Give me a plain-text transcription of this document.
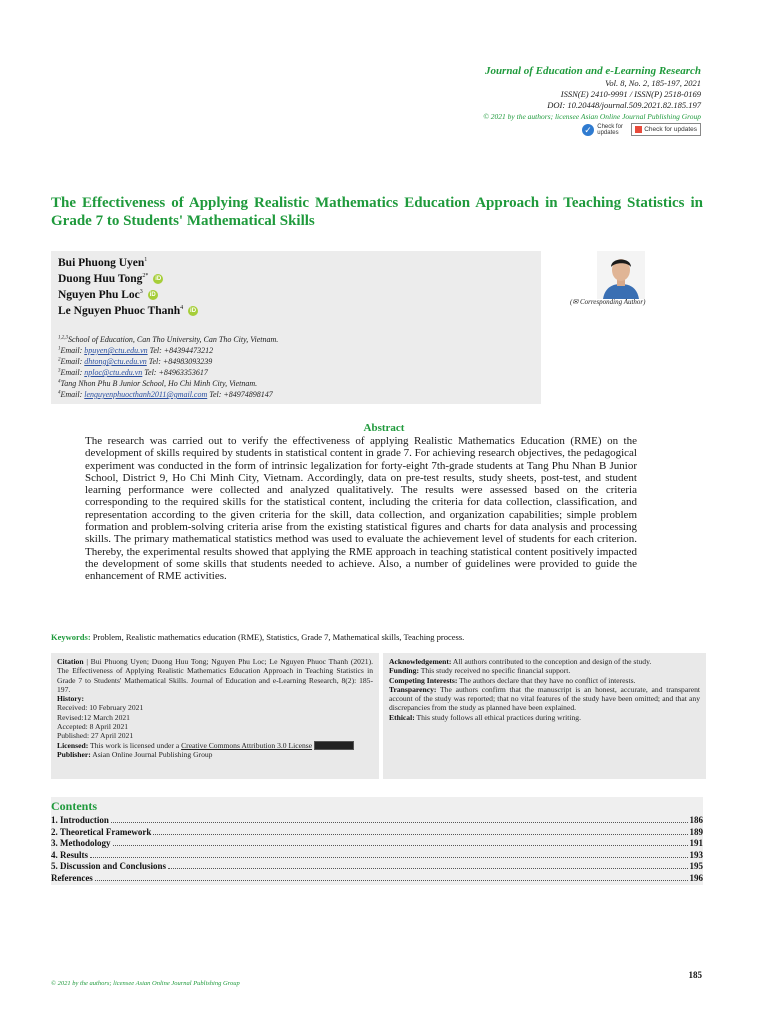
Journal of Education and e-Learning Research
Vol. 8, No. 2, 185-197, 2021
ISSN(E) 2410-9991 / ISSN(P) 2518-0169
DOI: 10.20448/journal.509.2021.82.185.197
© 2021 by the authors; licensee Asian Online Journal Publishing Group
✓
Check for updates	Check for updates
The Effectiveness of Applying Realistic Mathematics Education Approach in Teaching Statistics in Grade 7 to Students' Mathematical Skills
Bui Phuong Uyen$^1$
Duong Huu Tong$^{2*}$ iD
Nguyen Phu Loc$^3$ iD
Le Nguyen Phuoc Thanh$^4$ iD
$^{1,2,3}$School of Education, Can Tho University, Can Tho City, Vietnam.
$^1$Email: bpuyen@ctu.edu.vn Tel: +84394473212
$^2$Email: dhtong@ctu.edu.vn Tel: +84983093239
$^3$Email: nploc@ctu.edu.vn Tel: +84963353617
$^4$Tang Nhon Phu B Junior School, Ho Chi Minh City, Vietnam.
$^4$Email: lenguyenphuocthanh2011@gmail.com Tel: +84974898147
(✉ Corresponding Author)
Abstract
The research was carried out to verify the effectiveness of applying Realistic Mathematics Education (RME) on the development of skills required by students in statistical content in grade 7. For achieving research objectives, the pedagogical experiment was conducted in the form of intrinsic legalization for forty-eight 7th-grade students at Tang Phu Nhan B Junior School, District 9, Ho Chi Minh City, Vietnam. Accordingly, data on pre-test results, study sheets, post-test, and student learning performance were collected and analyzed qualitatively. The results were assessed based on the criteria corresponding to the required skills for the statistical content, including the criteria for data collection, classification, and representation according to the given criteria for the skill, data collection, and organization capabilities; simple problem formation and problem-solving criteria arise from the existing statistical figures and charts for data analysis and processing skills. The primary mathematical statistics method was used to evaluate the achievement level of students for each criterion. Thereby, the experimental results showed that applying the RME approach in teaching statistical content positively impacted the development of some skills that students needed to achieve. Also, a number of guidelines were provided to guide the enhancement of RME activities.
Keywords: Problem, Realistic mathematics education (RME), Statistics, Grade 7, Mathematical skills, Teaching process.
Citation | Bui Phuong Uyen; Duong Huu Tong; Nguyen Phu Loc; Le Nguyen Phuoc Thanh (2021). The Effectiveness of Applying Realistic Mathematics Education Approach in Teaching Statistics in Grade 7 to Students' Mathematical Skills. Journal of Education and e-Learning Research, 8(2): 185-197.
History:
Received: 10 February 2021
Revised:12 March 2021
Accepted: 8 April 2021
Published: 27 April 2021
Licensed: This work is licensed under a Creative Commons Attribution 3.0 License
Publisher: Asian Online Journal Publishing Group
Acknowledgement: All authors contributed to the conception and design of the study.
Funding: This study received no specific financial support.
Competing Interests: The authors declare that they have no conflict of interests.
Transparency: The authors confirm that the manuscript is an honest, accurate, and transparent account of the study was reported; that no vital features of the study have been omitted; and that any discrepancies from the study as planned have been explained.
Ethical: This study follows all ethical practices during writing.
Contents
1. Introduction	186
2. Theoretical Framework	189
3. Methodology	191
4. Results	193
5. Discussion and Conclusions	195
References	196
185
© 2021 by the authors; licensee Asian Online Journal Publishing Group
